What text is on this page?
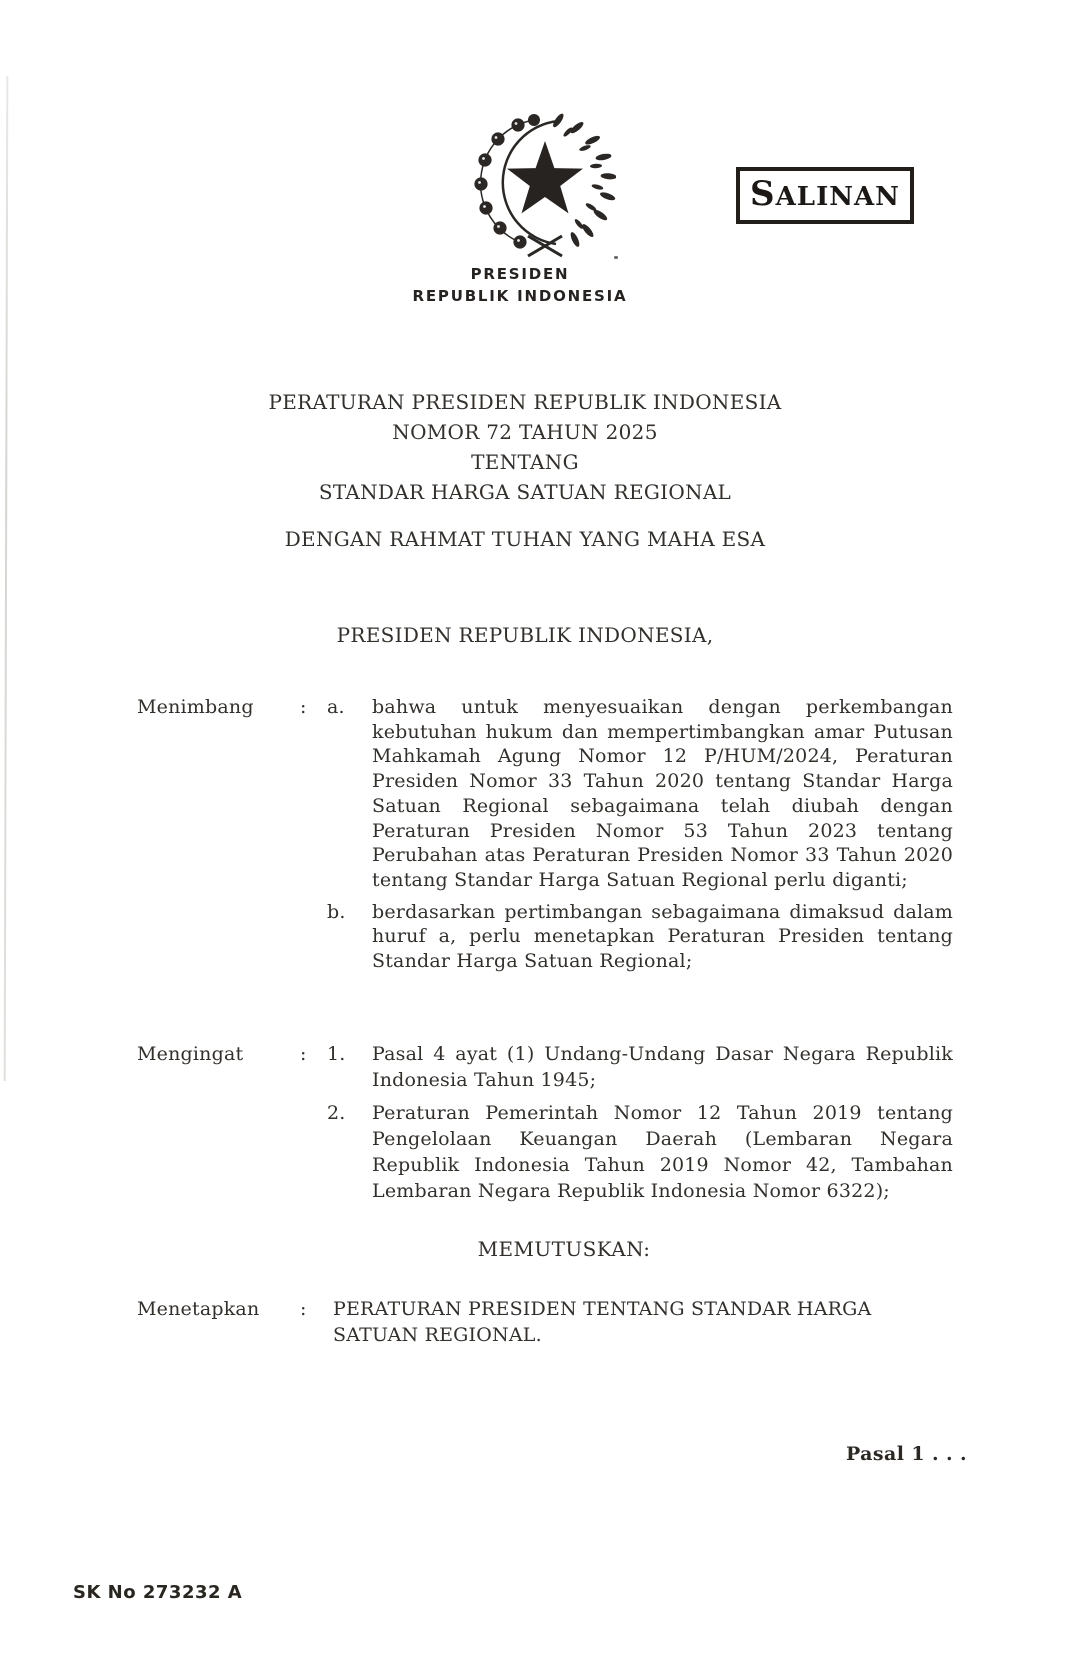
PRESIDEN
REPUBLIK INDONESIA
SALINAN
PERATURAN PRESIDEN REPUBLIK INDONESIA
NOMOR 72 TAHUN 2025
TENTANG
STANDAR HARGA SATUAN REGIONAL
DENGAN RAHMAT TUHAN YANG MAHA ESA
PRESIDEN REPUBLIK INDONESIA,
Menimbang	:	a.	bahwa untuk menyesuaikan dengan perkembangan kebutuhan hukum dan mempertimbangkan amar Putusan Mahkamah Agung Nomor 12 P/HUM/2024, Peraturan Presiden Nomor 33 Tahun 2020 tentang Standar Harga Satuan Regional sebagaimana telah diubah dengan Peraturan Presiden Nomor 53 Tahun 2023 tentang Perubahan atas Peraturan Presiden Nomor 33 Tahun 2020 tentang Standar Harga Satuan Regional perlu diganti;
b.	berdasarkan pertimbangan sebagaimana dimaksud dalam huruf a, perlu menetapkan Peraturan Presiden tentang Standar Harga Satuan Regional;
Mengingat	:	1.	Pasal 4 ayat (1) Undang-Undang Dasar Negara Republik Indonesia Tahun 1945;
2.	Peraturan Pemerintah Nomor 12 Tahun 2019 tentang Pengelolaan Keuangan Daerah (Lembaran Negara Republik Indonesia Tahun 2019 Nomor 42, Tambahan Lembaran Negara Republik Indonesia Nomor 6322);
MEMUTUSKAN:
Menetapkan	:	PERATURAN PRESIDEN TENTANG STANDAR HARGA SATUAN REGIONAL.
Pasal 1 . . .
SK No 273232 A
